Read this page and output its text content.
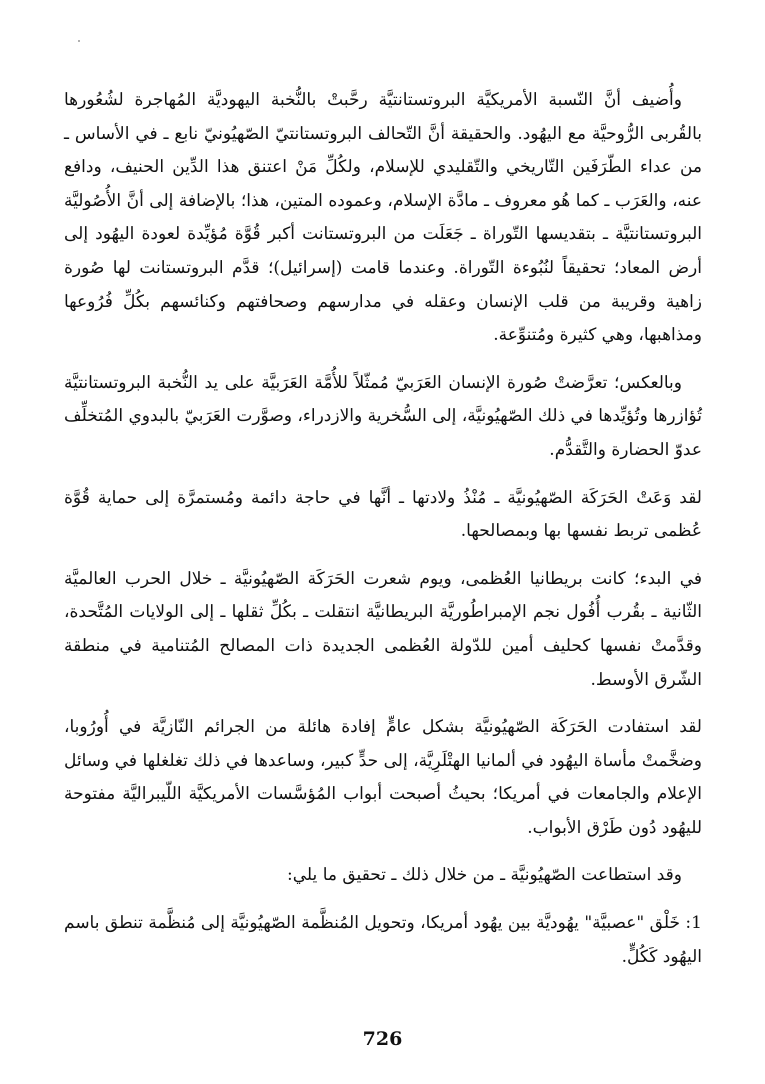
وأُضيف أنَّ النّسبة الأمريكيَّة البروتستانتيَّة رحَّبتْ بالنُّخبة اليهوديَّة المُهاجرة لشُعُورها بالقُربى الرُّوحيَّة مع اليهُود. والحقيقة أنَّ التّحالف البروتستانتيّ الصّهيُونيّ نابع ـ في الأساس ـ من عداء الطّرَفَين التّاريخي والتّقليدي للإسلام، ولكُلِّ مَنْ اعتنق هذا الدِّين الحنيف، ودافع عنه، والعَرَب ـ كما هُو معروف ـ مادَّة الإسلام، وعموده المتين، هذا؛ بالإضافة إلى أنَّ الأُصُوليَّة البروتستانتيَّة ـ بتقديسها التّوراة ـ جَعَلَت من البروتستانت أكبر قُوَّة مُؤيِّدة لعودة اليهُود إلى أرض المعاد؛ تحقيقاً لنُبُوءة التّوراة. وعندما قامت (إسرائيل)؛ قدَّم البروتستانت لها صُورة زاهية وقريبة من قلب الإنسان وعقله في مدارسهم وصحافتهم وكنائسهم بكُلِّ فُرُوعها ومذاهبها، وهي كثيرة ومُتنوِّعة.

وبالعكس؛ تعرَّضتْ صُورة الإنسان العَرَبيّ مُمثّلاً للأُمَّة العَرَبيَّة على يد النُّخبة البروتستانتيَّة تُؤازرها وتُؤيِّدها في ذلك الصّهيُونيَّة، إلى السُّخرية والازدراء، وصوَّرت العَرَبيّ بالبدوي المُتخلِّف عدوّ الحضارة والتَّقدُّم.

لقد وَعَتْ الحَرَكَة الصّهيُونيَّة ـ مُنْذُ ولادتها ـ أنَّها في حاجة دائمة ومُستمرَّة إلى حماية قُوَّة عُظمى تربط نفسها بها وبمصالحها.

في البدء؛ كانت بريطانيا العُظمى، ويوم شعرت الحَرَكَة الصّهيُونيَّة ـ خلال الحرب العالميَّة الثّانية ـ بقُرب أُفُول نجم الإمبراطُوريَّة البريطانيَّة انتقلت ـ بكُلِّ ثقلها ـ إلى الولايات المُتَّحدة، وقدَّمتْ نفسها كحليف أمين للدّولة العُظمى الجديدة ذات المصالح المُتنامية في منطقة الشّرق الأوسط.

لقد استفادت الحَرَكَة الصّهيُونيَّة بشكل عامٍّ إفادة هائلة من الجرائم النّازيَّة في أُورُوبا، وضخَّمتْ مأساة اليهُود في ألمانيا الهتْلَرِيَّة، إلى حدٍّ كبير، وساعدها في ذلك تغلغلها في وسائل الإعلام والجامعات في أمريكا؛ بحيثُ أصبحت أبواب المُؤسَّسات الأمريكيَّة اللّيبراليَّة مفتوحة لليهُود دُون طَرْق الأبواب.

وقد استطاعت الصّهيُونيَّة ـ من خلال ذلك ـ تحقيق ما يلي:

1: خَلْق "عصبيَّة" يهُوديَّة بين يهُود أمريكا، وتحويل المُنظَّمة الصّهيُونيَّة إلى مُنظَّمة تنطق باسم اليهُود كَكُلٍّ.

726
